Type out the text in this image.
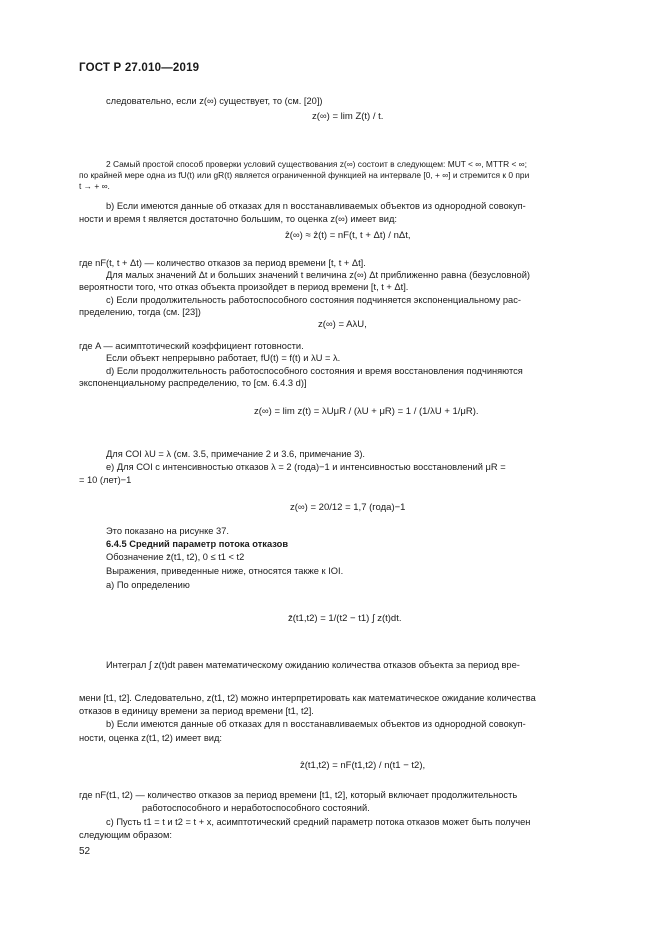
ГОСТ Р 27.010—2019
следовательно, если z(∞) существует, то (см. [20])
z(∞) = lim Z(t) / t.
2 Самый простой способ проверки условий существования z(∞) состоит в следующем: MUT < ∞, MTTR < ∞;
по крайней мере одна из fU(t) или gR(t) является ограниченной функцией на интервале [0, + ∞] и стремится к 0 при
t → + ∞.
b) Если имеются данные об отказах для n восстанавливаемых объектов из однородной совокуп-
ности и время t является достаточно большим, то оценка z(∞) имеет вид:
ẑ(∞) ≈ ẑ(t) = nF(t, t + Δt) / nΔt,
где nF(t, t + Δt) — количество отказов за период времени [t, t + Δt].
Для малых значений Δt и больших значений t величина z(∞) Δt приближенно равна (безусловной)
вероятности того, что отказ объекта произойдет в период времени [t, t + Δt].
c) Если продолжительность работоспособного состояния подчиняется экспоненциальному рас-
пределению, тогда (см. [23])
z(∞) = AλU,
где A — асимптотический коэффициент готовности.
Если объект непрерывно работает, fU(t) = f(t) и λU = λ.
d) Если продолжительность работоспособного состояния и время восстановления подчиняются
экспоненциальному распределению, то [см. 6.4.3 d)]
z(∞) = lim z(t) = λUμR / (λU + μR) = 1 / (1/λU + 1/μR).
Для COI λU = λ (см. 3.5, примечание 2 и 3.6, примечание 3).
e) Для COI с интенсивностью отказов λ = 2 (года)−1 и интенсивностью восстановлений μR =
= 10 (лет)−1
z(∞) = 20/12 = 1,7 (года)−1
Это показано на рисунке 37.
6.4.5 Средний параметр потока отказов
Обозначение z̄(t1, t2), 0 ≤ t1 < t2
Выражения, приведенные ниже, относятся также к IOI.
a) По определению
z̄(t1,t2) = 1/(t2 − t1) ∫ z(t)dt.
Интеграл ∫ z(t)dt равен математическому ожиданию количества отказов объекта за период вре-
мени [t1, t2]. Следовательно, z(t1, t2) можно интерпретировать как математическое ожидание количества
отказов в единицу времени за период времени [t1, t2].
b) Если имеются данные об отказах для n восстанавливаемых объектов из однородной совокуп-
ности, оценка z(t1, t2) имеет вид:
ẑ(t1,t2) = nF(t1,t2) / n(t1 − t2),
где nF(t1, t2) — количество отказов за период времени [t1, t2], который включает продолжительность
работоспособного и неработоспособного состояний.
c) Пусть t1 = t и t2 = t + x, асимптотический средний параметр потока отказов может быть получен
следующим образом:
52
